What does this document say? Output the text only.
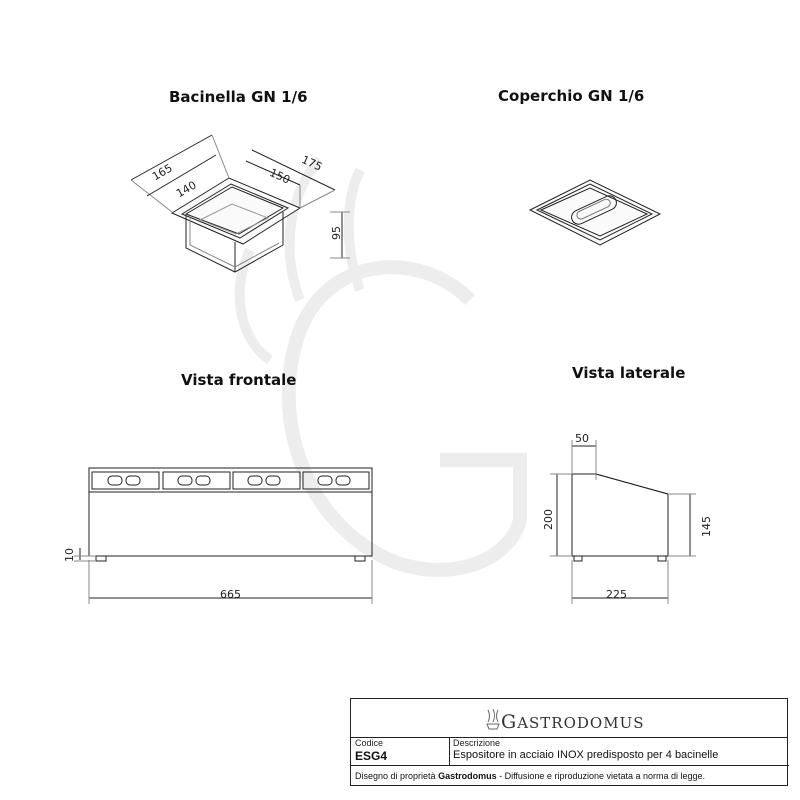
Bacinella GN 1/6	Coperchio GN 1/6
Vista frontale	Vista laterale
165
140
175
150
95
665
10
50
200	145
225
GASTRODOMUS
Codice
ESG4
Descrizione
Espositore in acciaio INOX predisposto per 4 bacinelle
Disegno di proprietà Gastrodomus - Diffusione e riproduzione vietata a norma di legge.
